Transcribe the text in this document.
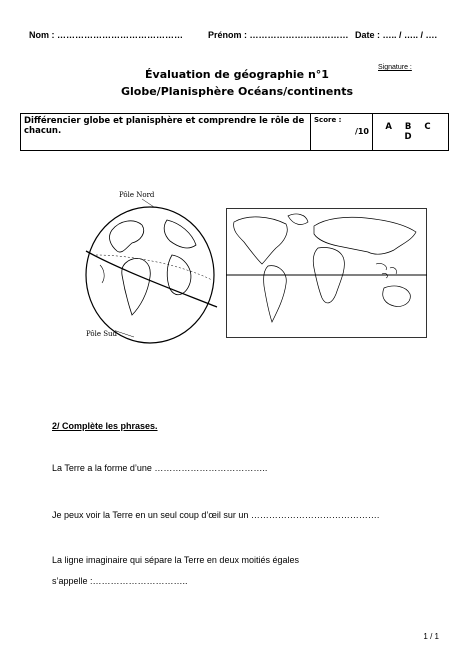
Nom : ……………………………………	Prénom : …………………………… Date : ….. / ….. / ….
Signature :
Évaluation de géographie n°1
Globe/Planisphère Océans/continents
Différencier globe et planisphère et comprendre le rôle de chacun.	
Score :
/10	A B C D
Pôle Nord
Pôle Sud
2/ Complète les phrases.
La Terre a la forme d’une ………………………………..
Je peux voir la Terre en un seul coup d’œil sur un …………………………………….
La ligne imaginaire qui sépare la Terre en deux moitiés égales
s’appelle :…………………………..
1 / 1
